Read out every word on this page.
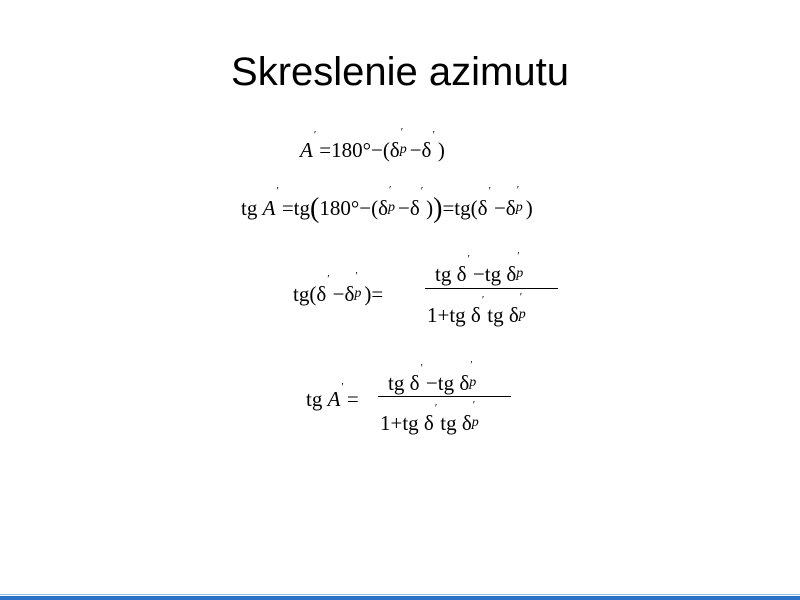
Skreslenie azimutu
A′=180°−(δ
′
p −δ′)
tg A′=tg(180°−(δ
′
p −δ′))=tg(δ′−δ
′
p )
tg(δ′−δ
′
p )=
tg δ′−tg δ
′
p
1+tg δ′tg δ
′
p
tg A′ =
tg δ′−tg δ
′
p
1+tg δ′tg δ
′
p
